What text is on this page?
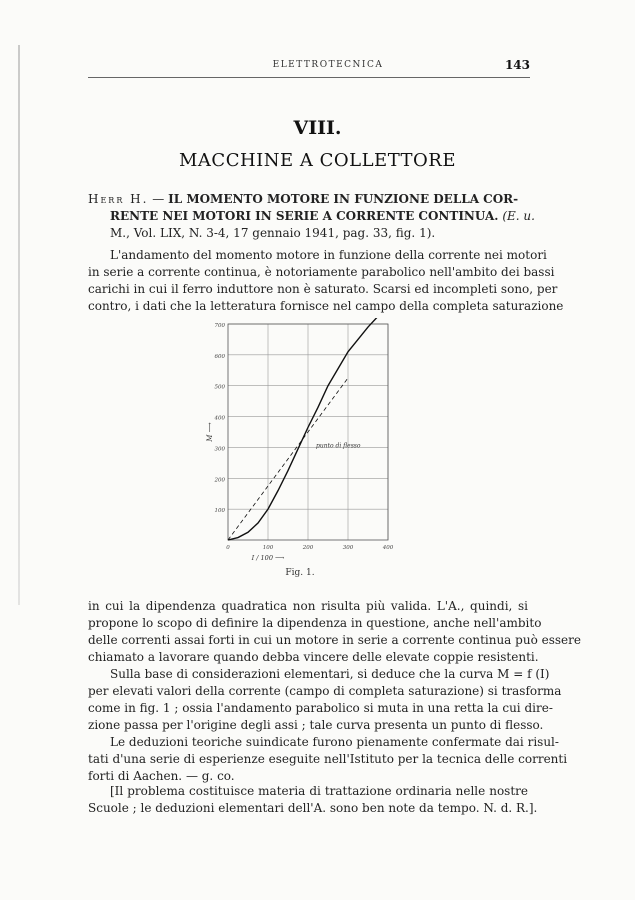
ELETTROTECNICA	143
VIII.
MACCHINE A COLLETTORE
Herr H. — IL MOMENTO MOTORE IN FUNZIONE DELLA COR-
RENTE NEI MOTORI IN SERIE A CORRENTE CONTINUA. (E. u.
M., Vol. LIX, N. 3-4, 17 gennaio 1941, pag. 33, fig. 1).
L'andamento del momento motore in funzione della corrente nei motori
in serie a corrente continua, è notoriamente parabolico nell'ambito dei bassi
carichi in cui il ferro induttore non è saturato. Scarsi ed incompleti sono, per
contro, i dati che la letteratura fornisce nel campo della completa saturazione
100
200
300
400
500
600
700
0	100	200	300	400
M ⟶
I / 100 ⟶
punto di flesso
Fig. 1.
in cui la dipendenza quadratica non risulta più valida. L'A., quindi, si
propone lo scopo di definire la dipendenza in questione, anche nell'ambito
delle correnti assai forti in cui un motore in serie a corrente continua può essere
chiamato a lavorare quando debba vincere delle elevate coppie resistenti.
Sulla base di considerazioni elementari, si deduce che la curva M = f (I)
per elevati valori della corrente (campo di completa saturazione) si trasforma
come in fig. 1 ; ossia l'andamento parabolico si muta in una retta la cui dire-
zione passa per l'origine degli assi ; tale curva presenta un punto di flesso.
Le deduzioni teoriche suindicate furono pienamente confermate dai risul-
tati d'una serie di esperienze eseguite nell'Istituto per la tecnica delle correnti
forti di Aachen. — g. co.
[Il problema costituisce materia di trattazione ordinaria nelle nostre
Scuole ; le deduzioni elementari dell'A. sono ben note da tempo. N. d. R.].
